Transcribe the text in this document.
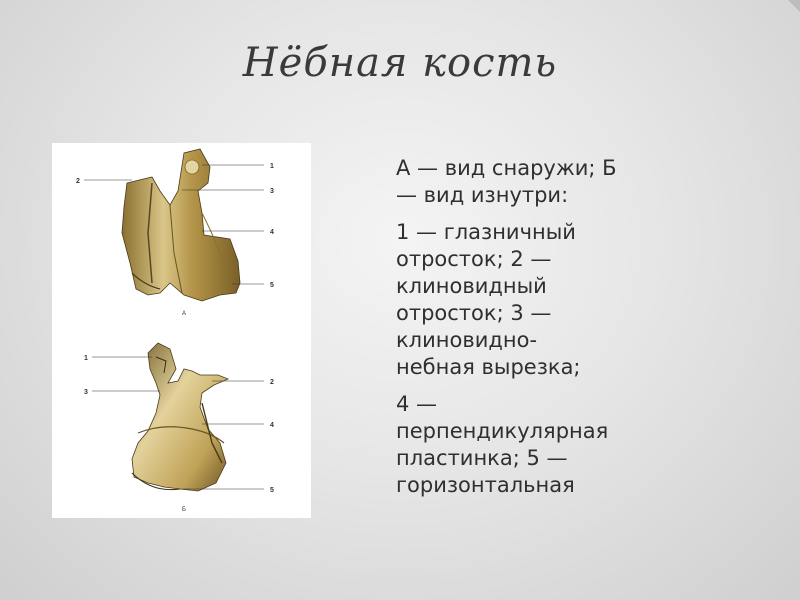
Нёбная кость
2
1
3
4
5
А
1
2
3
4
5
Б

А — вид снаружи; Б
— вид изнутри:

1 — глазничный
отросток; 2 —
клиновидный
отросток; 3 —
клиновидно-
небная вырезка;

4 —
перпендикулярная
пластинка; 5 —
горизонтальная
